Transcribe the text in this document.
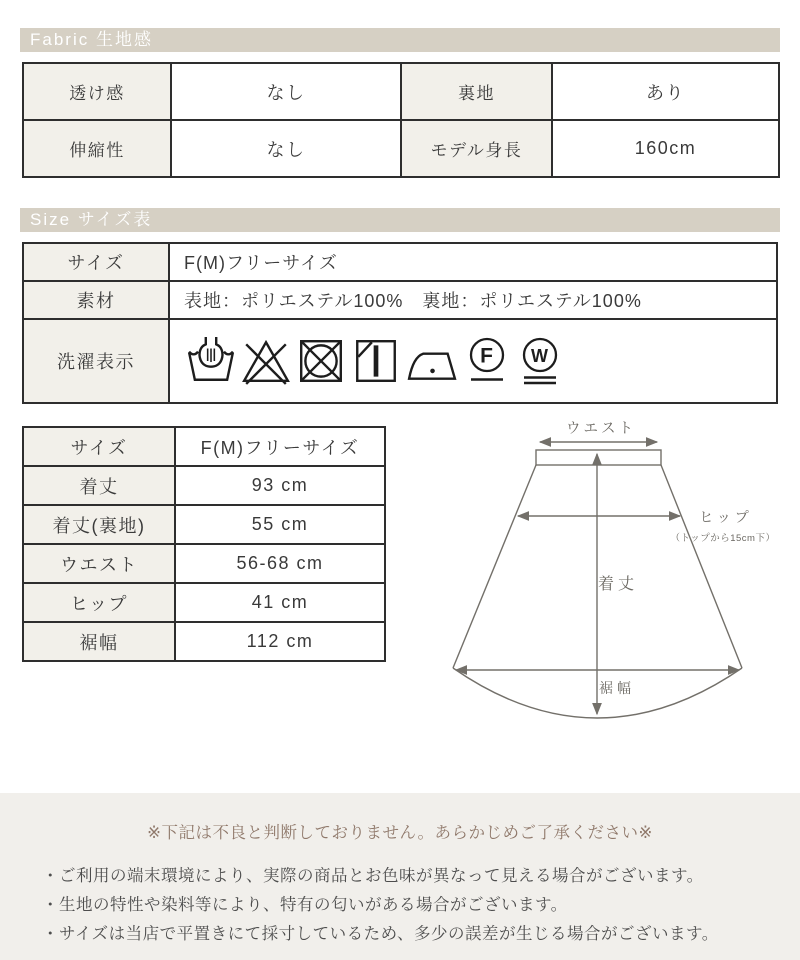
Fabric 生地感
透け感	なし	裏地	あり
伸縮性	なし	モデル身長	160cm
Size サイズ表
サイズ	F(M)フリーサイズ
素材	表地：ポリエステル100%　裏地：ポリエステル100%
洗濯表示	F W
サイズ	F(M)フリーサイズ
着丈	93 cm
着丈(裏地)	55 cm
ウエスト	56-68 cm
ヒップ	41 cm
裾幅	112 cm
ウエスト
ヒップ
（トップから15cm下）
着丈
裾幅
※下記は不良と判断しておりません。あらかじめご了承ください※
・ご利用の端末環境により、実際の商品とお色味が異なって見える場合がございます。
・生地の特性や染料等により、特有の匂いがある場合がございます。
・サイズは当店で平置きにて採寸しているため、多少の誤差が生じる場合がございます。
